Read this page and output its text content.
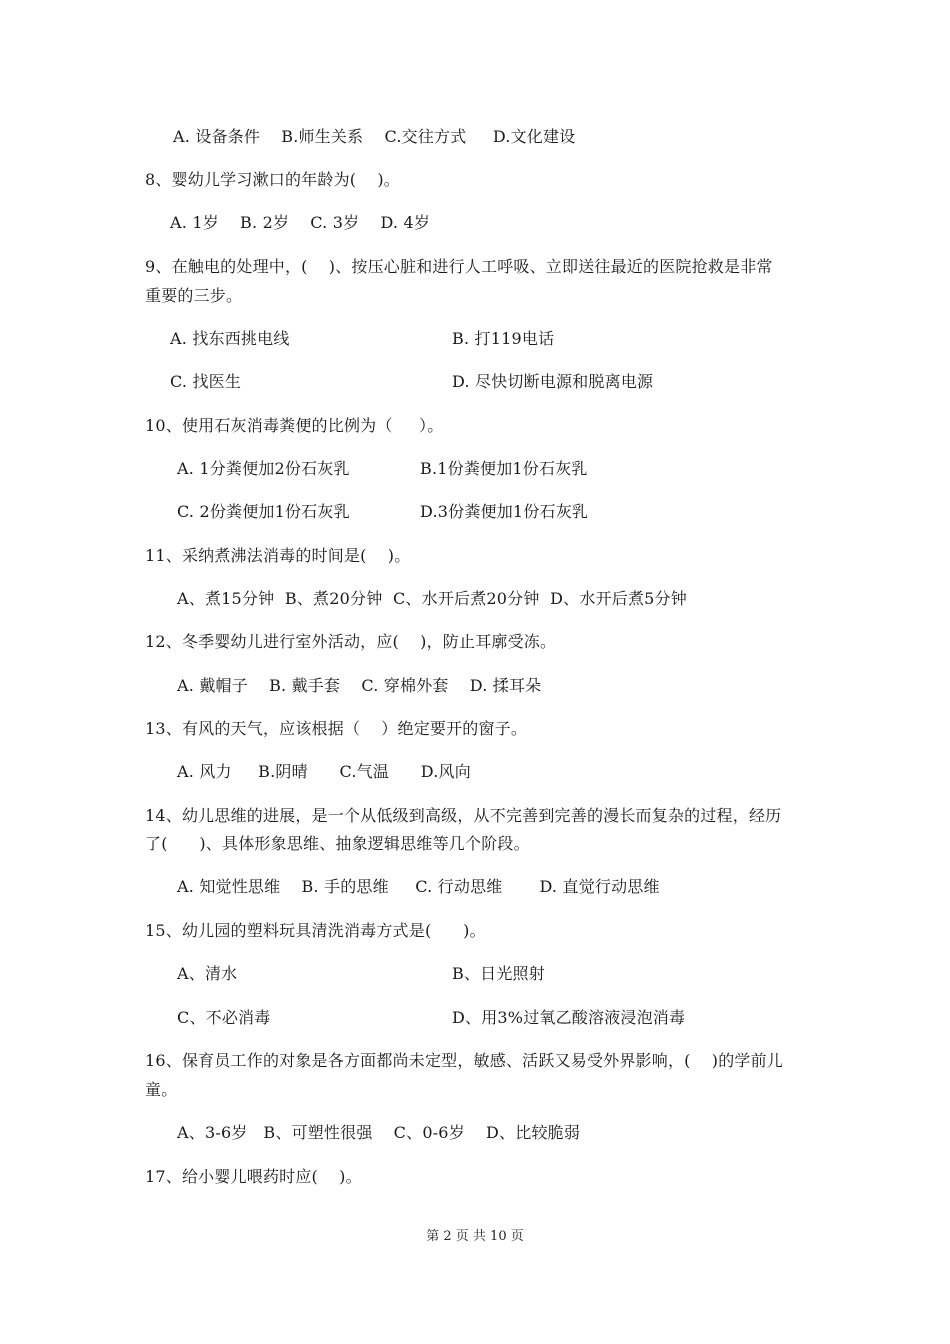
A. 设备条件    B.师生关系    C.交往方式     D.文化建设
8、婴幼儿学习漱口的年龄为(    )。
A. 1岁    B. 2岁    C. 3岁    D. 4岁
9、在触电的处理中，(    )、按压心脏和进行人工呼吸、立即送往最近的医院抢救是非常
重要的三步。
A. 找东西挑电线	B. 打119电话
C. 找医生	D. 尽快切断电源和脱离电源
10、使用石灰消毒粪便的比例为（     ）。
A. 1分粪便加2份石灰乳	B.1份粪便加1份石灰乳
C. 2份粪便加1份石灰乳	D.3份粪便加1份石灰乳
11、采纳煮沸法消毒的时间是(    )。
A、煮15分钟  B、煮20分钟  C、水开后煮20分钟  D、水开后煮5分钟
12、冬季婴幼儿进行室外活动，应(    )，防止耳廓受冻。
A. 戴帽子    B. 戴手套    C. 穿棉外套    D. 揉耳朵
13、有风的天气，应该根据（    ）绝定要开的窗子。
A. 风力     B.阴晴      C.气温      D.风向
14、幼儿思维的进展，是一个从低级到高级，从不完善到完善的漫长而复杂的过程，经历
了(      )、具体形象思维、抽象逻辑思维等几个阶段。
A. 知觉性思维    B. 手的思维     C. 行动思维       D. 直觉行动思维
15、幼儿园的塑料玩具清洗消毒方式是(      )。
A、清水	B、日光照射
C、不必消毒	D、用3%过氧乙酸溶液浸泡消毒
16、保育员工作的对象是各方面都尚未定型，敏感、活跃又易受外界影响，(    )的学前儿
童。
A、3-6岁   B、可塑性很强    C、0-6岁    D、比较脆弱
17、给小婴儿喂药时应(    )。
第 2 页 共 10 页
